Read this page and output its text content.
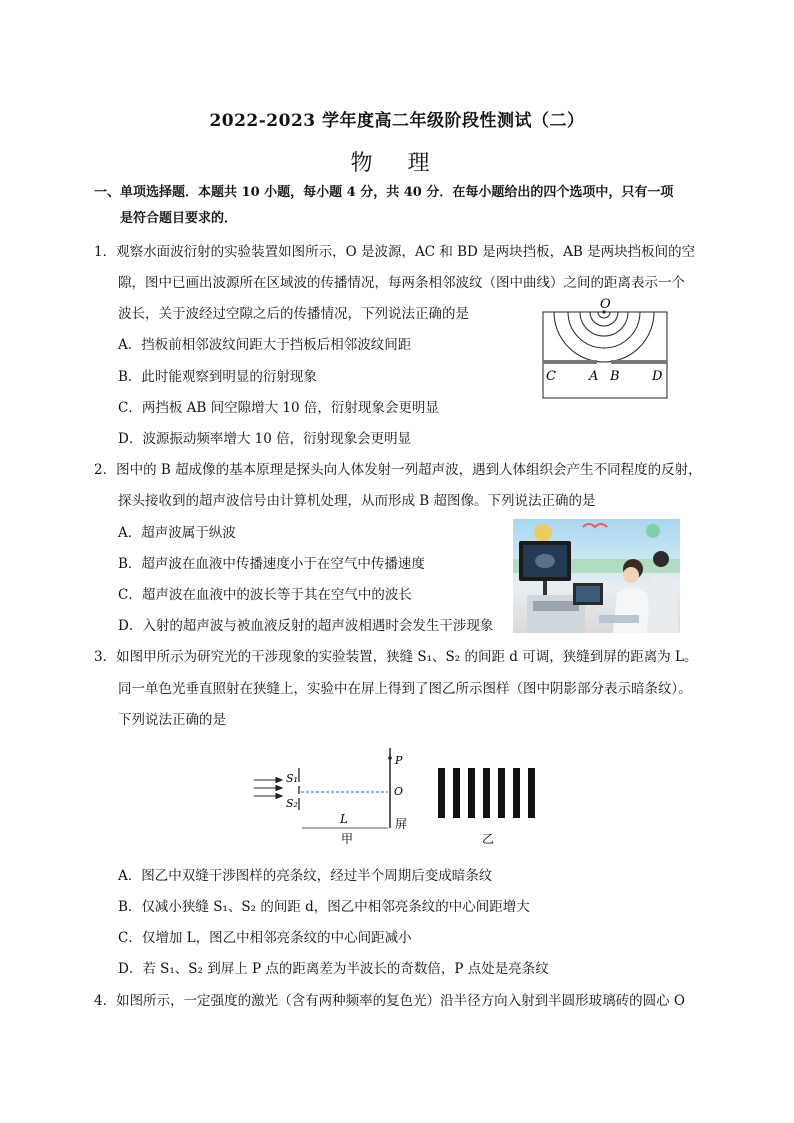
2022-2023 学年度高二年级阶段性测试（二）
物 理
一、单项选择题．本题共 10 小题，每小题 4 分，共 40 分．在每小题给出的四个选项中，只有一项
是符合题目要求的．
1．观察水面波衍射的实验装置如图所示，O 是波源，AC 和 BD 是两块挡板，AB 是两块挡板间的空
隙，图中已画出波源所在区域波的传播情况，每两条相邻波纹（图中曲线）之间的距离表示一个
波长，关于波经过空隙之后的传播情况，下列说法正确的是
A．挡板前相邻波纹间距大于挡板后相邻波纹间距
B．此时能观察到明显的衍射现象
C．两挡板 AB 间空隙增大 10 倍，衍射现象会更明显
D．波源振动频率增大 10 倍，衍射现象会更明显
O
C	A B D
2．图中的 B 超成像的基本原理是探头向人体发射一列超声波，遇到人体组织会产生不同程度的反射，
探头接收到的超声波信号由计算机处理，从而形成 B 超图像。下列说法正确的是
A．超声波属于纵波
B．超声波在血液中传播速度小于在空气中传播速度
C．超声波在血液中的波长等于其在空气中的波长
D．入射的超声波与被血液反射的超声波相遇时会发生干涉现象
3．如图甲所示为研究光的干涉现象的实验装置，狭缝 S₁、S₂ 的间距 d 可调，狭缝到屏的距离为 L。
同一单色光垂直照射在狭缝上，实验中在屏上得到了图乙所示图样（图中阴影部分表示暗条纹）。
下列说法正确的是
S₁
S₂
P
O
L
甲
屏
乙
A．图乙中双缝干涉图样的亮条纹，经过半个周期后变成暗条纹
B．仅减小狭缝 S₁、S₂ 的间距 d，图乙中相邻亮条纹的中心间距增大
C．仅增加 L，图乙中相邻亮条纹的中心间距减小
D．若 S₁、S₂ 到屏上 P 点的距离差为半波长的奇数倍，P 点处是亮条纹
4．如图所示，一定强度的激光（含有两种频率的复色光）沿半径方向入射到半圆形玻璃砖的圆心 O
